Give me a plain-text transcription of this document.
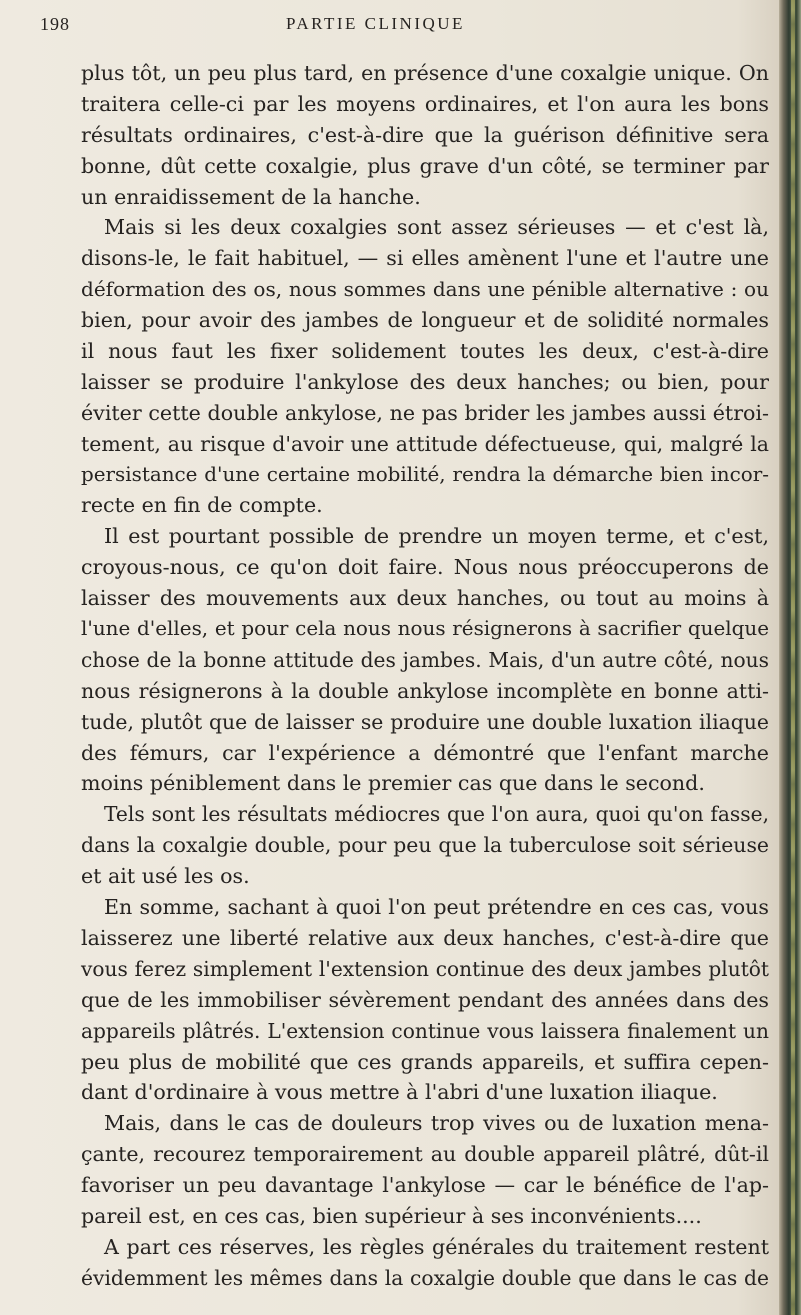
198	PARTIE CLINIQUE
plus tôt, un peu plus tard, en présence d'une coxalgie unique. On
traitera celle-ci par les moyens ordinaires, et l'on aura les bons
résultats ordinaires, c'est-à-dire que la guérison définitive sera
bonne, dût cette coxalgie, plus grave d'un côté, se terminer par
un enraidissement de la hanche.
Mais si les deux coxalgies sont assez sérieuses — et c'est là,
disons-le, le fait habituel, — si elles amènent l'une et l'autre une
déformation des os, nous sommes dans une pénible alternative : ou
bien, pour avoir des jambes de longueur et de solidité normales
il nous faut les fixer solidement toutes les deux, c'est-à-dire
laisser se produire l'ankylose des deux hanches; ou bien, pour
éviter cette double ankylose, ne pas brider les jambes aussi étroi-
tement, au risque d'avoir une attitude défectueuse, qui, malgré la
persistance d'une certaine mobilité, rendra la démarche bien incor-
recte en fin de compte.
Il est pourtant possible de prendre un moyen terme, et c'est,
croyous-nous, ce qu'on doit faire. Nous nous préoccuperons de
laisser des mouvements aux deux hanches, ou tout au moins à
l'une d'elles, et pour cela nous nous résignerons à sacrifier quelque
chose de la bonne attitude des jambes. Mais, d'un autre côté, nous
nous résignerons à la double ankylose incomplète en bonne atti-
tude, plutôt que de laisser se produire une double luxation iliaque
des fémurs, car l'expérience a démontré que l'enfant marche
moins péniblement dans le premier cas que dans le second.
Tels sont les résultats médiocres que l'on aura, quoi qu'on fasse,
dans la coxalgie double, pour peu que la tuberculose soit sérieuse
et ait usé les os.
En somme, sachant à quoi l'on peut prétendre en ces cas, vous
laisserez une liberté relative aux deux hanches, c'est-à-dire que
vous ferez simplement l'extension continue des deux jambes plutôt
que de les immobiliser sévèrement pendant des années dans des
appareils plâtrés. L'extension continue vous laissera finalement un
peu plus de mobilité que ces grands appareils, et suffira cepen-
dant d'ordinaire à vous mettre à l'abri d'une luxation iliaque.
Mais, dans le cas de douleurs trop vives ou de luxation mena-
çante, recourez temporairement au double appareil plâtré, dût-il
favoriser un peu davantage l'ankylose — car le bénéfice de l'ap-
pareil est, en ces cas, bien supérieur à ses inconvénients....
A part ces réserves, les règles générales du traitement restent
évidemment les mêmes dans la coxalgie double que dans le cas de
